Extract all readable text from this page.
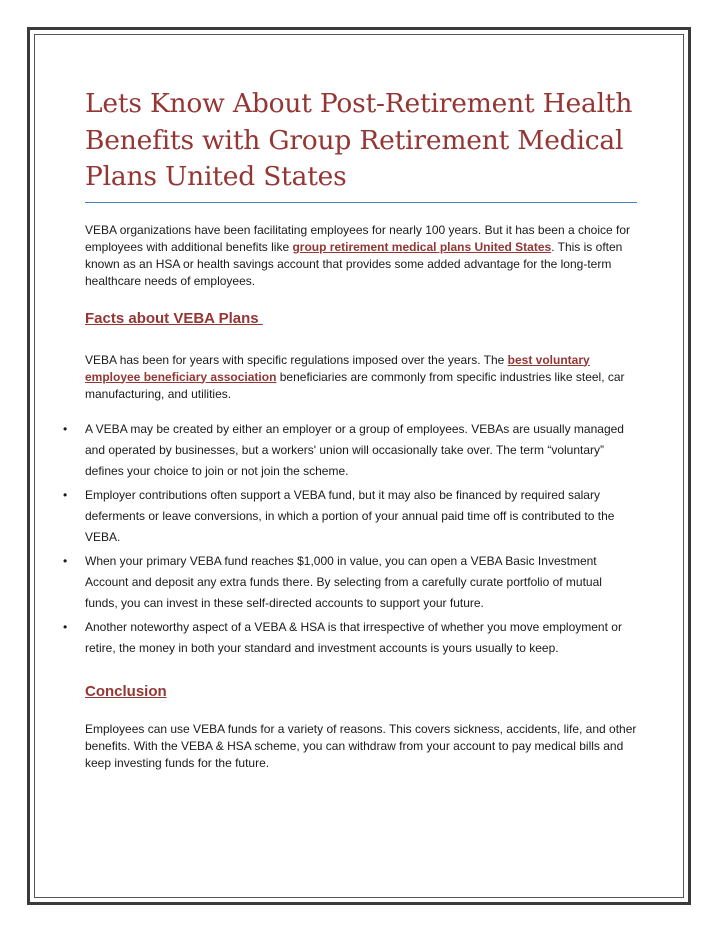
Lets Know About Post-Retirement Health Benefits with Group Retirement Medical Plans United States

VEBA organizations have been facilitating employees for nearly 100 years. But it has been a choice for employees with additional benefits like group retirement medical plans United States. This is often known as an HSA or health savings account that provides some added advantage for the long-term healthcare needs of employees.

Facts about VEBA Plans

VEBA has been for years with specific regulations imposed over the years. The best voluntary employee beneficiary association beneficiaries are commonly from specific industries like steel, car manufacturing, and utilities.

• A VEBA may be created by either an employer or a group of employees. VEBAs are usually managed and operated by businesses, but a workers' union will occasionally take over. The term “voluntary” defines your choice to join or not join the scheme.
• Employer contributions often support a VEBA fund, but it may also be financed by required salary deferments or leave conversions, in which a portion of your annual paid time off is contributed to the VEBA.
• When your primary VEBA fund reaches $1,000 in value, you can open a VEBA Basic Investment Account and deposit any extra funds there. By selecting from a carefully curate portfolio of mutual funds, you can invest in these self-directed accounts to support your future.
• Another noteworthy aspect of a VEBA & HSA is that irrespective of whether you move employment or retire, the money in both your standard and investment accounts is yours usually to keep.
Conclusion

Employees can use VEBA funds for a variety of reasons. This covers sickness, accidents, life, and other benefits. With the VEBA & HSA scheme, you can withdraw from your account to pay medical bills and keep investing funds for the future.
